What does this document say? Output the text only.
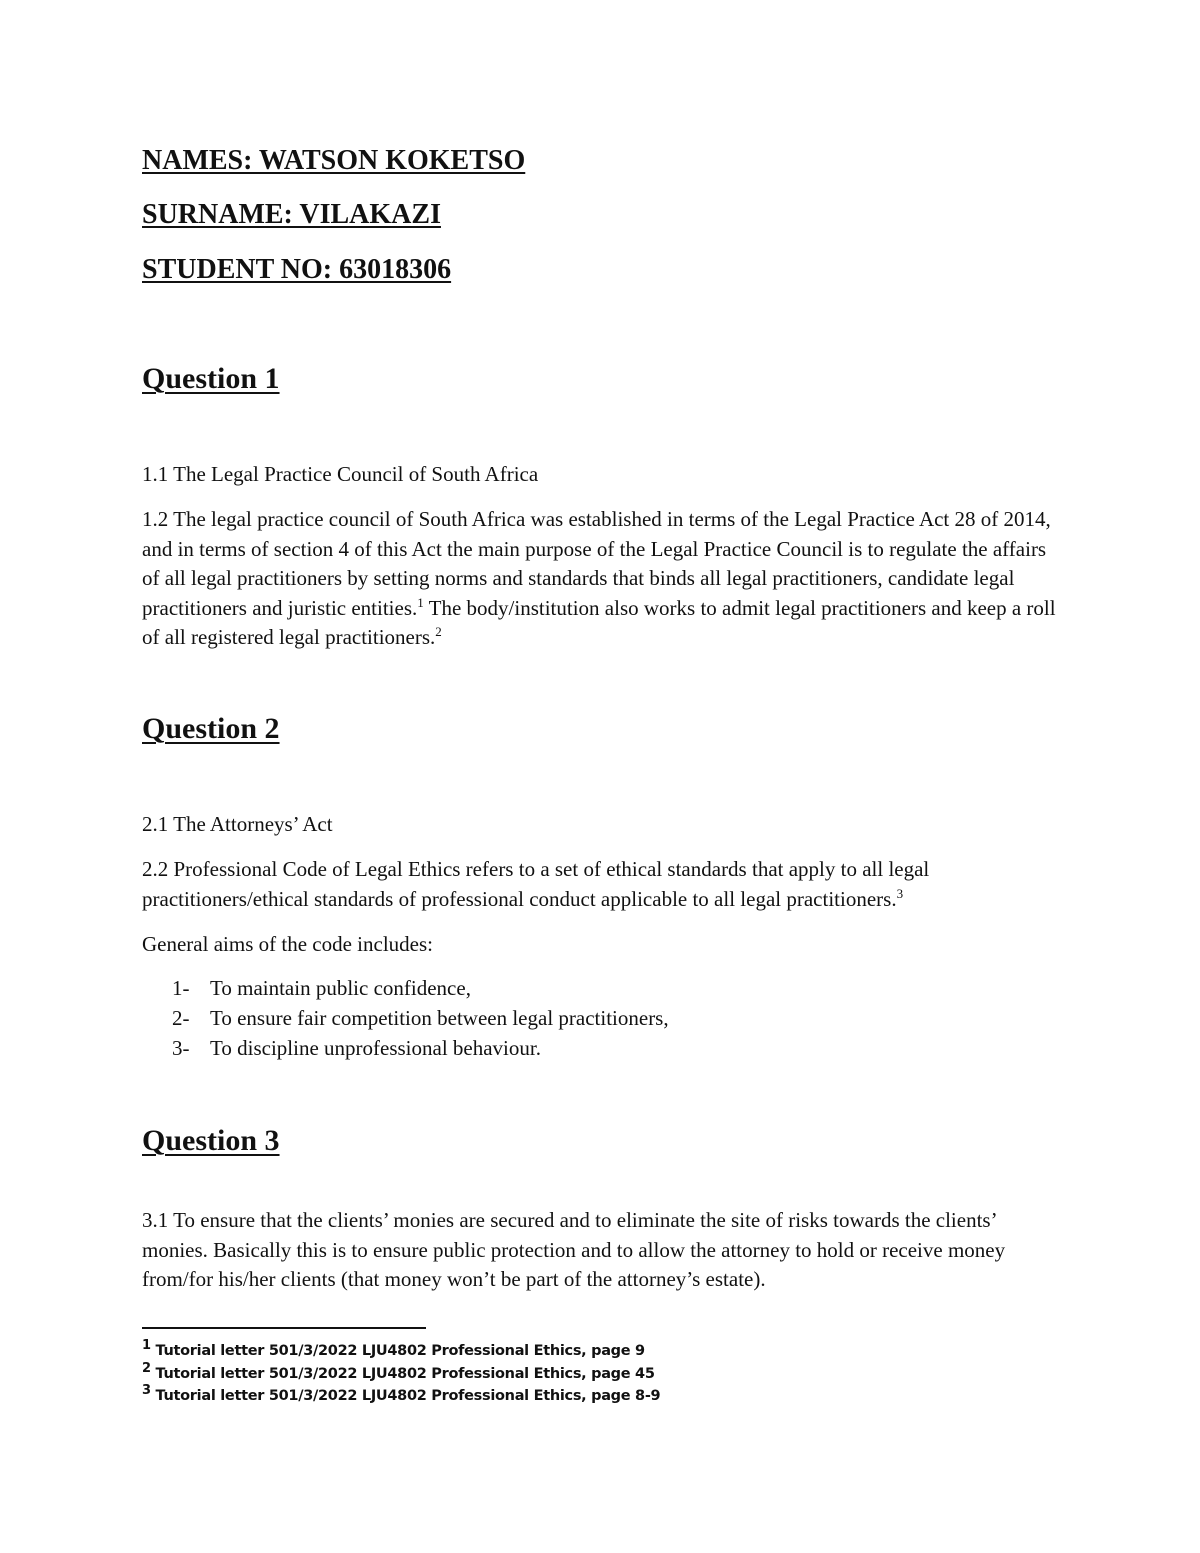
NAMES: WATSON KOKETSO
SURNAME: VILAKAZI
STUDENT NO: 63018306
Question 1
1.1 The Legal Practice Council of South Africa
1.2 The legal practice council of South Africa was established in terms of the Legal Practice Act 28 of 2014, and in terms of section 4 of this Act the main purpose of the Legal Practice Council is to regulate the affairs of all legal practitioners by setting norms and standards that binds all legal practitioners, candidate legal practitioners and juristic entities.$^1$ The body/institution also works to admit legal practitioners and keep a roll of all registered legal practitioners.$^2$
Question 2
2.1 The Attorneys’ Act
2.2 Professional Code of Legal Ethics refers to a set of ethical standards that apply to all legal practitioners/ethical standards of professional conduct applicable to all legal practitioners.$^3$
General aims of the code includes:
1- To maintain public confidence,
2- To ensure fair competition between legal practitioners,
3- To discipline unprofessional behaviour.
Question 3
3.1 To ensure that the clients’ monies are secured and to eliminate the site of risks towards the clients’ monies. Basically this is to ensure public protection and to allow the attorney to hold or receive money from/for his/her clients (that money won’t be part of the attorney’s estate).
$^1$ Tutorial letter 501/3/2022 LJU4802 Professional Ethics, page 9
$^2$ Tutorial letter 501/3/2022 LJU4802 Professional Ethics, page 45
$^3$ Tutorial letter 501/3/2022 LJU4802 Professional Ethics, page 8-9
